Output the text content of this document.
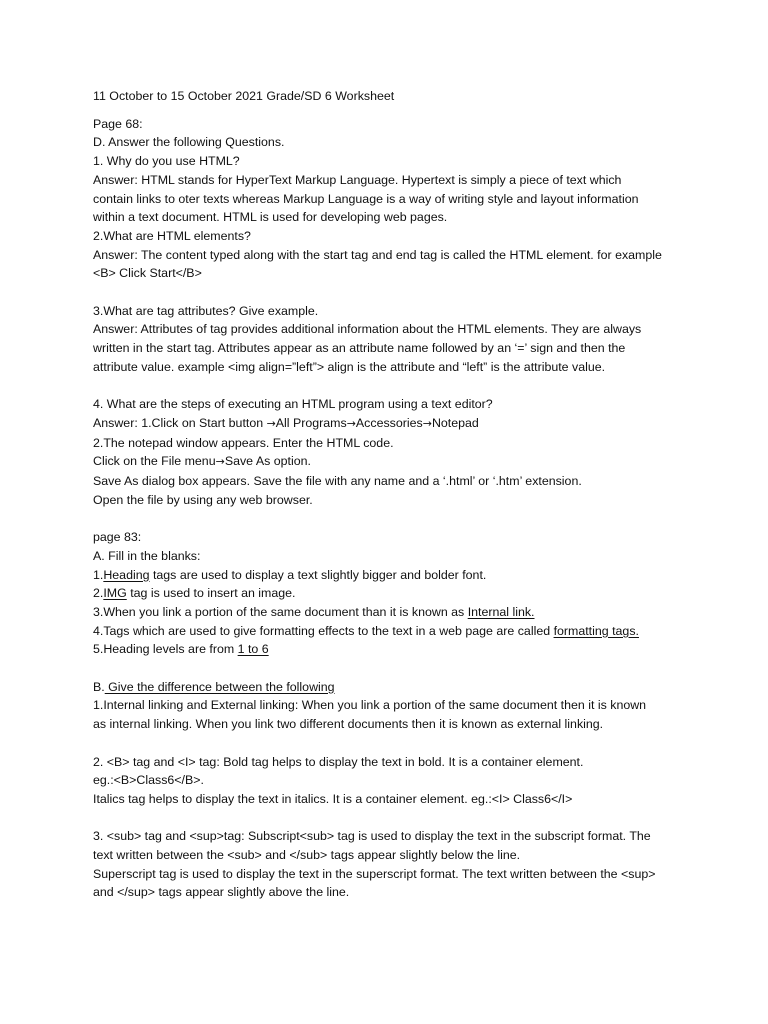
11 October to 15 October 2021 Grade/SD 6 Worksheet

Page 68:

D. Answer the following Questions.

1. Why do you use HTML?

Answer: HTML stands for HyperText Markup Language. Hypertext is simply a piece of text which

contain links to oter texts whereas Markup Language is a way of writing style and layout information

within a text document. HTML is used for developing web pages.

2.What are HTML elements?

Answer: The content typed along with the start tag and end tag is called the HTML element. for example

<B> Click Start</B>

3.What are tag attributes? Give example.

Answer: Attributes of tag provides additional information about the HTML elements. They are always

written in the start tag. Attributes appear as an attribute name followed by an ‘=’ sign and then the

attribute value. example <img align=”left”> align is the attribute and “left” is the attribute value.

4. What are the steps of executing an HTML program using a text editor?

Answer: 1.Click on Start button →All Programs→Accessories→Notepad

2.The notepad window appears. Enter the HTML code.

Click on the File menu→Save As option.

Save As dialog box appears. Save the file with any name and a ‘.html’ or ‘.htm’ extension.

Open the file by using any web browser.

page 83:

A. Fill in the blanks:

1.Heading tags are used to display a text slightly bigger and bolder font.

2.IMG tag is used to insert an image.

3.When you link a portion of the same document than it is known as Internal link.

4.Tags which are used to give formatting effects to the text in a web page are called formatting tags.

5.Heading levels are from 1 to 6

B. Give the difference between the following

1.Internal linking and External linking: When you link a portion of the same document then it is known

as internal linking. When you link two different documents then it is known as external linking.

2. <B> tag and <I> tag: Bold tag helps to display the text in bold. It is a container element.

eg.:<B>Class6</B>.

Italics tag helps to display the text in italics. It is a container element. eg.:<I> Class6</I>

3. <sub> tag and <sup>tag: Subscript<sub> tag is used to display the text in the subscript format. The

text written between the <sub> and </sub> tags appear slightly below the line.

Superscript tag is used to display the text in the superscript format. The text written between the <sup>

and </sup> tags appear slightly above the line.
